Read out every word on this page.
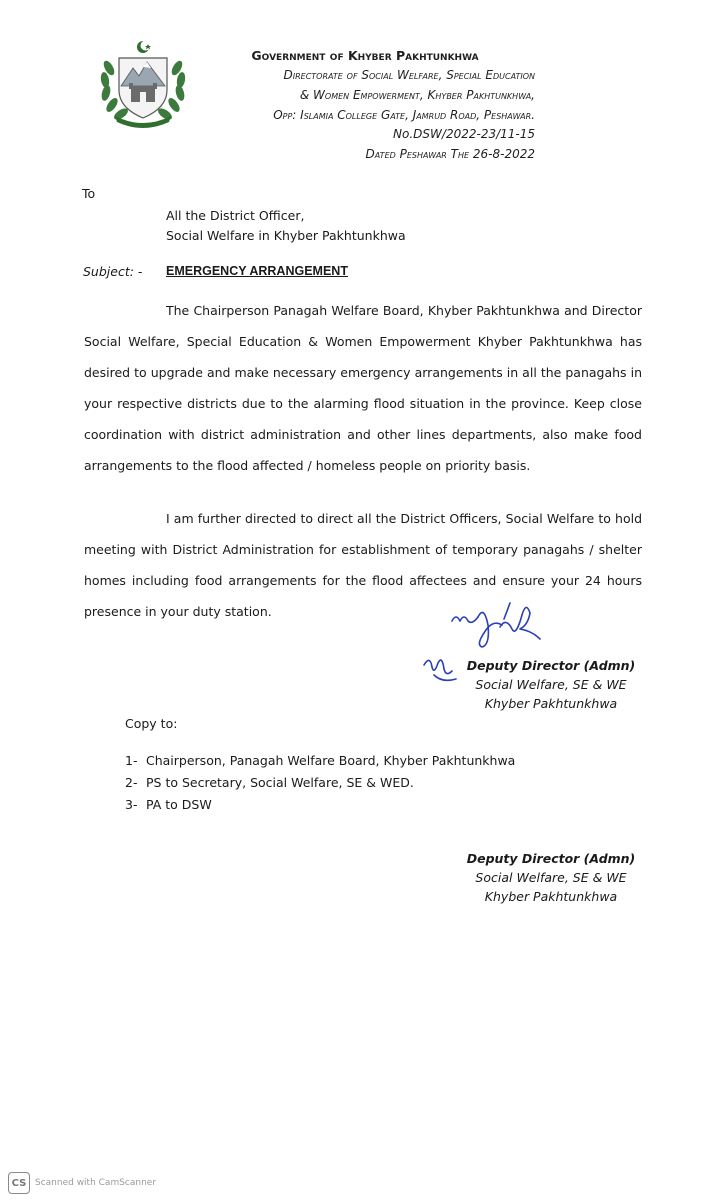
Government of Khyber Pakhtunkhwa
Directorate of Social Welfare, Special Education
& Women Empowerment, Khyber Pakhtunkhwa,
Opp: Islamia College Gate, Jamrud Road, Peshawar.
No.DSW/2022-23/11-15
Dated Peshawar The 26-8-2022
To
All the District Officer,
Social Welfare in Khyber Pakhtunkhwa
Subject: - EMERGENCY ARRANGEMENT
The Chairperson Panagah Welfare Board, Khyber Pakhtunkhwa and Director Social Welfare, Special Education & Women Empowerment Khyber Pakhtunkhwa has desired to upgrade and make necessary emergency arrangements in all the panagahs in your respective districts due to the alarming flood situation in the province. Keep close coordination with district administration and other lines departments, also make food arrangements to the flood affected / homeless people on priority basis.
I am further directed to direct all the District Officers, Social Welfare to hold meeting with District Administration for establishment of temporary panagahs / shelter homes including food arrangements for the flood affectees and ensure your 24 hours presence in your duty station.
Deputy Director (Admn)
Social Welfare, SE & WE
Khyber Pakhtunkhwa
Copy to:
1- Chairperson, Panagah Welfare Board, Khyber Pakhtunkhwa
2- PS to Secretary, Social Welfare, SE & WED.
3- PA to DSW
Deputy Director (Admn)
Social Welfare, SE & WE
Khyber Pakhtunkhwa
CS Scanned with CamScanner
